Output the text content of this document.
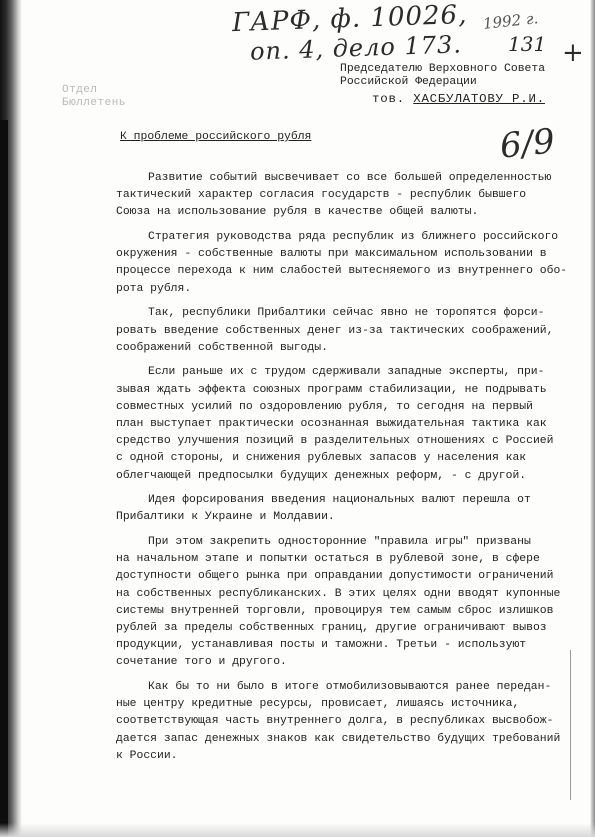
ГАРФ, ф. 10026,
оп. 4, дело 173.
1992 г.
131 +
6/9
Отдел
Бюллетень
Председателю Верховного Совета
Российской Федерации
тов. ХАСБУЛАТОВУ Р.И.
К проблеме российского рубля
Развитие событий высвечивает со все большей определенностью
тактический характер согласия государств - республик бывшего
Союза на использование рубля в качестве общей валюты.
Стратегия руководства ряда республик из ближнего российского
окружения - собственные валюты при максимальном использовании в
процессе перехода к ним слабостей вытесняемого из внутреннего обо-
рота рубля.
Так, республики Прибалтики сейчас явно не торопятся форси-
ровать введение собственных денег из-за тактических соображений,
соображений собственной выгоды.
Если раньше их с трудом сдерживали западные эксперты, при-
зывая ждать эффекта союзных программ стабилизации, не подрывать
совместных усилий по оздоровлению рубля, то сегодня на первый
план выступает практически осознанная выжидательная тактика как
средство улучшения позиций в разделительных отношениях с Россией
с одной стороны, и снижения рублевых запасов у населения как
облегчающей предпосылки будущих денежных реформ, - с другой.
Идея форсирования введения национальных валют перешла от
Прибалтики к Украине и Молдавии.
При этом закрепить односторонние "правила игры" призваны
на начальном этапе и попытки остаться в рублевой зоне, в сфере
доступности общего рынка при оправдании допустимости ограничений
на собственных республиканских. В этих целях одни вводят купонные
системы внутренней торговли, провоцируя тем самым сброс излишков
рублей за пределы собственных границ, другие ограничивают вывоз
продукции, устанавливая посты и таможни. Третьи - используют
сочетание того и другого.
Как бы то ни было в итоге отмобилизовываются ранее передан-
ные центру кредитные ресурсы, провисает, лишаясь источника,
соответствующая часть внутреннего долга, в республиках высвобож-
дается запас денежных знаков как свидетельство будущих требований
к России.
